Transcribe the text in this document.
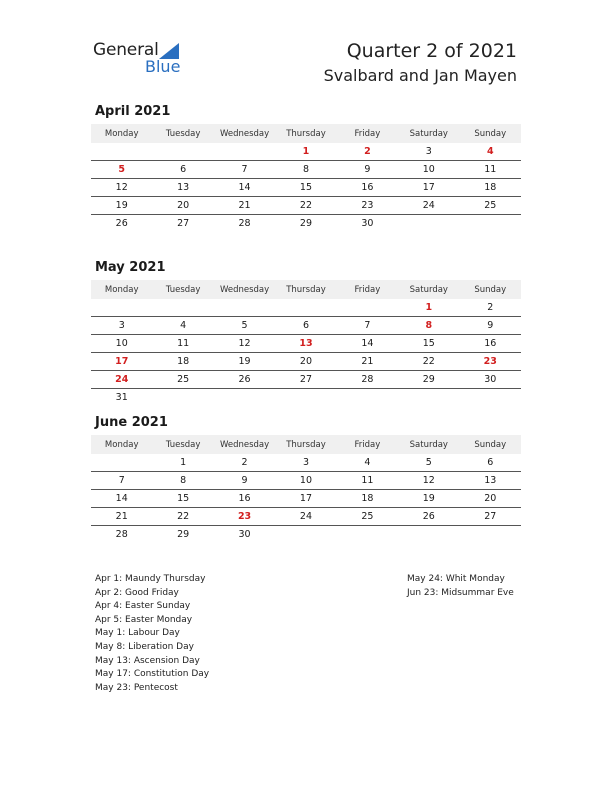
General
Blue
Quarter 2 of 2021
Svalbard and Jan Mayen
April 2021
Monday	Tuesday	Wednesday	Thursday	Friday	Saturday	Sunday
			1	2	3	4
5	6	7	8	9	10	11
12	13	14	15	16	17	18
19	20	21	22	23	24	25
26	27	28	29	30		
May 2021
Monday	Tuesday	Wednesday	Thursday	Friday	Saturday	Sunday
					1	2
3	4	5	6	7	8	9
10	11	12	13	14	15	16
17	18	19	20	21	22	23
24	25	26	27	28	29	30
31						
June 2021
Monday	Tuesday	Wednesday	Thursday	Friday	Saturday	Sunday
	1	2	3	4	5	6
7	8	9	10	11	12	13
14	15	16	17	18	19	20
21	22	23	24	25	26	27
28	29	30				
Apr 1: Maundy Thursday
Apr 2: Good Friday
Apr 4: Easter Sunday
Apr 5: Easter Monday
May 1: Labour Day
May 8: Liberation Day
May 13: Ascension Day
May 17: Constitution Day
May 23: Pentecost
May 24: Whit Monday
Jun 23: Midsummar Eve
